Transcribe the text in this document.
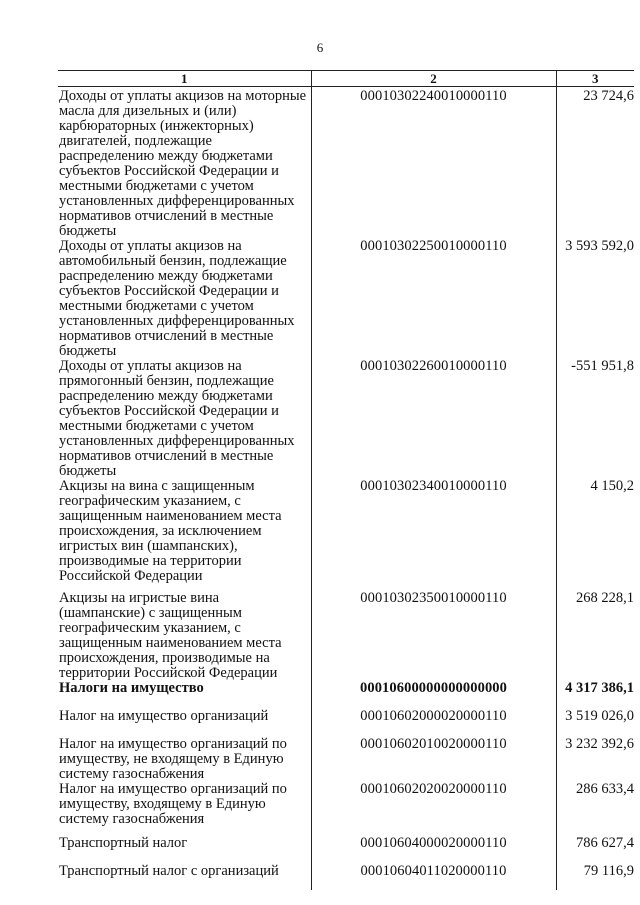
6
1	2	3
Доходы от уплаты акцизов на моторные масла для дизельных и (или) карбюраторных (инжекторных) двигателей, подлежащие распределению между бюджетами субъектов Российской Федерации и местными бюджетами с учетом установленных дифференцированных нормативов отчислений в местные бюджеты	00010302240010000110	23 724,6
Доходы от уплаты акцизов на автомобильный бензин, подлежащие распределению между бюджетами субъектов Российской Федерации и местными бюджетами с учетом установленных дифференцированных нормативов отчислений в местные бюджеты	00010302250010000110	3 593 592,0
Доходы от уплаты акцизов на прямогонный бензин, подлежащие распределению между бюджетами субъектов Российской Федерации и местными бюджетами с учетом установленных дифференцированных нормативов отчислений в местные бюджеты	00010302260010000110	-551 951,8
Акцизы на вина с защищенным географическим указанием, с защищенным наименованием места происхождения, за исключением игристых вин (шампанских), производимые на территории Российской Федерации	00010302340010000110	4 150,2
Акцизы на игристые вина (шампанские) с защищенным географическим указанием, с защищенным наименованием места происхождения, производимые на территории Российской Федерации	00010302350010000110	268 228,1
Налоги на имущество	00010600000000000000	4 317 386,1
Налог на имущество организаций	00010602000020000110	3 519 026,0
Налог на имущество организаций по имуществу, не входящему в Единую систему газоснабжения	00010602010020000110	3 232 392,6
Налог на имущество организаций по имуществу, входящему в Единую систему газоснабжения	00010602020020000110	286 633,4
Транспортный налог	00010604000020000110	786 627,4
Транспортный налог с организаций	00010604011020000110	79 116,9
